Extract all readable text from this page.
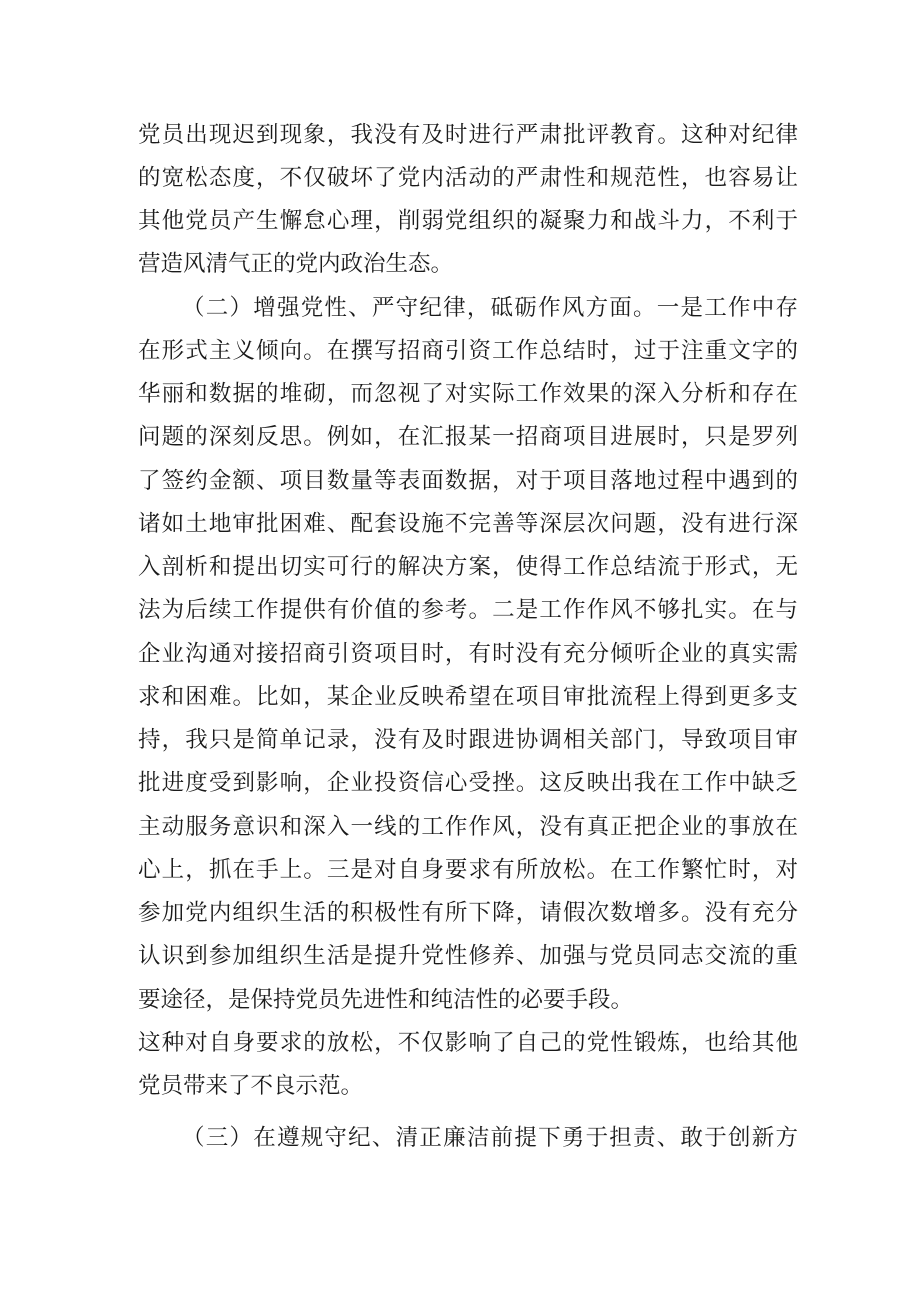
党员出现迟到现象，我没有及时进行严肃批评教育。这种对纪律

的宽松态度，不仅破坏了党内活动的严肃性和规范性，也容易让

其他党员产生懈怠心理，削弱党组织的凝聚力和战斗力，不利于

营造风清气正的党内政治生态。

（二）增强党性、严守纪律，砥砺作风方面。一是工作中存

在形式主义倾向。在撰写招商引资工作总结时，过于注重文字的

华丽和数据的堆砌，而忽视了对实际工作效果的深入分析和存在

问题的深刻反思。例如，在汇报某一招商项目进展时，只是罗列

了签约金额、项目数量等表面数据，对于项目落地过程中遇到的

诸如土地审批困难、配套设施不完善等深层次问题，没有进行深

入剖析和提出切实可行的解决方案，使得工作总结流于形式，无

法为后续工作提供有价值的参考。二是工作作风不够扎实。在与

企业沟通对接招商引资项目时，有时没有充分倾听企业的真实需

求和困难。比如，某企业反映希望在项目审批流程上得到更多支

持，我只是简单记录，没有及时跟进协调相关部门，导致项目审

批进度受到影响，企业投资信心受挫。这反映出我在工作中缺乏

主动服务意识和深入一线的工作作风，没有真正把企业的事放在

心上，抓在手上。三是对自身要求有所放松。在工作繁忙时，对

参加党内组织生活的积极性有所下降，请假次数增多。没有充分

认识到参加组织生活是提升党性修养、加强与党员同志交流的重

要途径，是保持党员先进性和纯洁性的必要手段。

这种对自身要求的放松，不仅影响了自己的党性锻炼，也给其他

党员带来了不良示范。

（三）在遵规守纪、清正廉洁前提下勇于担责、敢于创新方
